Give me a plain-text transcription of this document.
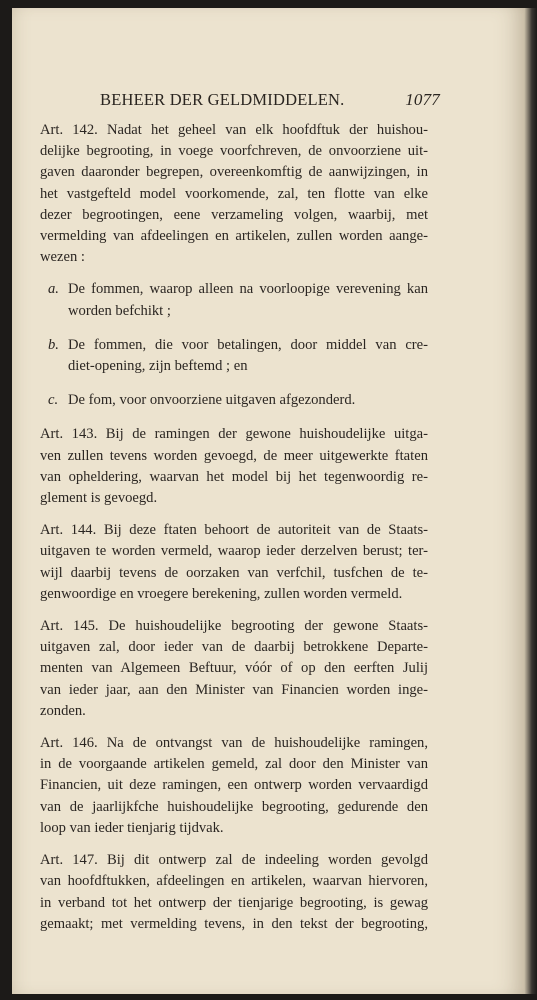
BEHEER DER GELDMIDDELEN.	1077
Art. 142. Nadat het geheel van elk hoofdftuk der huishou-
delijke begrooting, in voege voorfchreven, de onvoorziene uit-
gaven daaronder begrepen, overeenkomftig de aanwijzingen, in
het vastgefteld model voorkomende, zal, ten flotte van elke
dezer begrootingen, eene verzameling volgen, waarbij, met
vermelding van afdeelingen en artikelen, zullen worden aange-
wezen :
a. De fommen, waarop alleen na voorloopige verevening kan
worden befchikt ;
b. De fommen, die voor betalingen, door middel van cre-
diet-opening, zijn beftemd ; en
c. De fom, voor onvoorziene uitgaven afgezonderd.
Art. 143. Bij de ramingen der gewone huishoudelijke uitga-
ven zullen tevens worden gevoegd, de meer uitgewerkte ftaten
van opheldering, waarvan het model bij het tegenwoordig re-
glement is gevoegd.
Art. 144. Bij deze ftaten behoort de autoriteit van de Staats-
uitgaven te worden vermeld, waarop ieder derzelven berust; ter-
wijl daarbij tevens de oorzaken van verfchil, tusfchen de te-
genwoordige en vroegere berekening, zullen worden vermeld.
Art. 145. De huishoudelijke begrooting der gewone Staats-
uitgaven zal, door ieder van de daarbij betrokkene Departe-
menten van Algemeen Beftuur, vóór of op den eerften Julij
van ieder jaar, aan den Minister van Financien worden inge-
zonden.
Art. 146. Na de ontvangst van de huishoudelijke ramingen,
in de voorgaande artikelen gemeld, zal door den Minister van
Financien, uit deze ramingen, een ontwerp worden vervaardigd
van de jaarlijkfche huishoudelijke begrooting, gedurende den
loop van ieder tienjarig tijdvak.
Art. 147. Bij dit ontwerp zal de indeeling worden gevolgd
van hoofdftukken, afdeelingen en artikelen, waarvan hiervoren,
in verband tot het ontwerp der tienjarige begrooting, is gewag
gemaakt; met vermelding tevens, in den tekst der begrooting,
